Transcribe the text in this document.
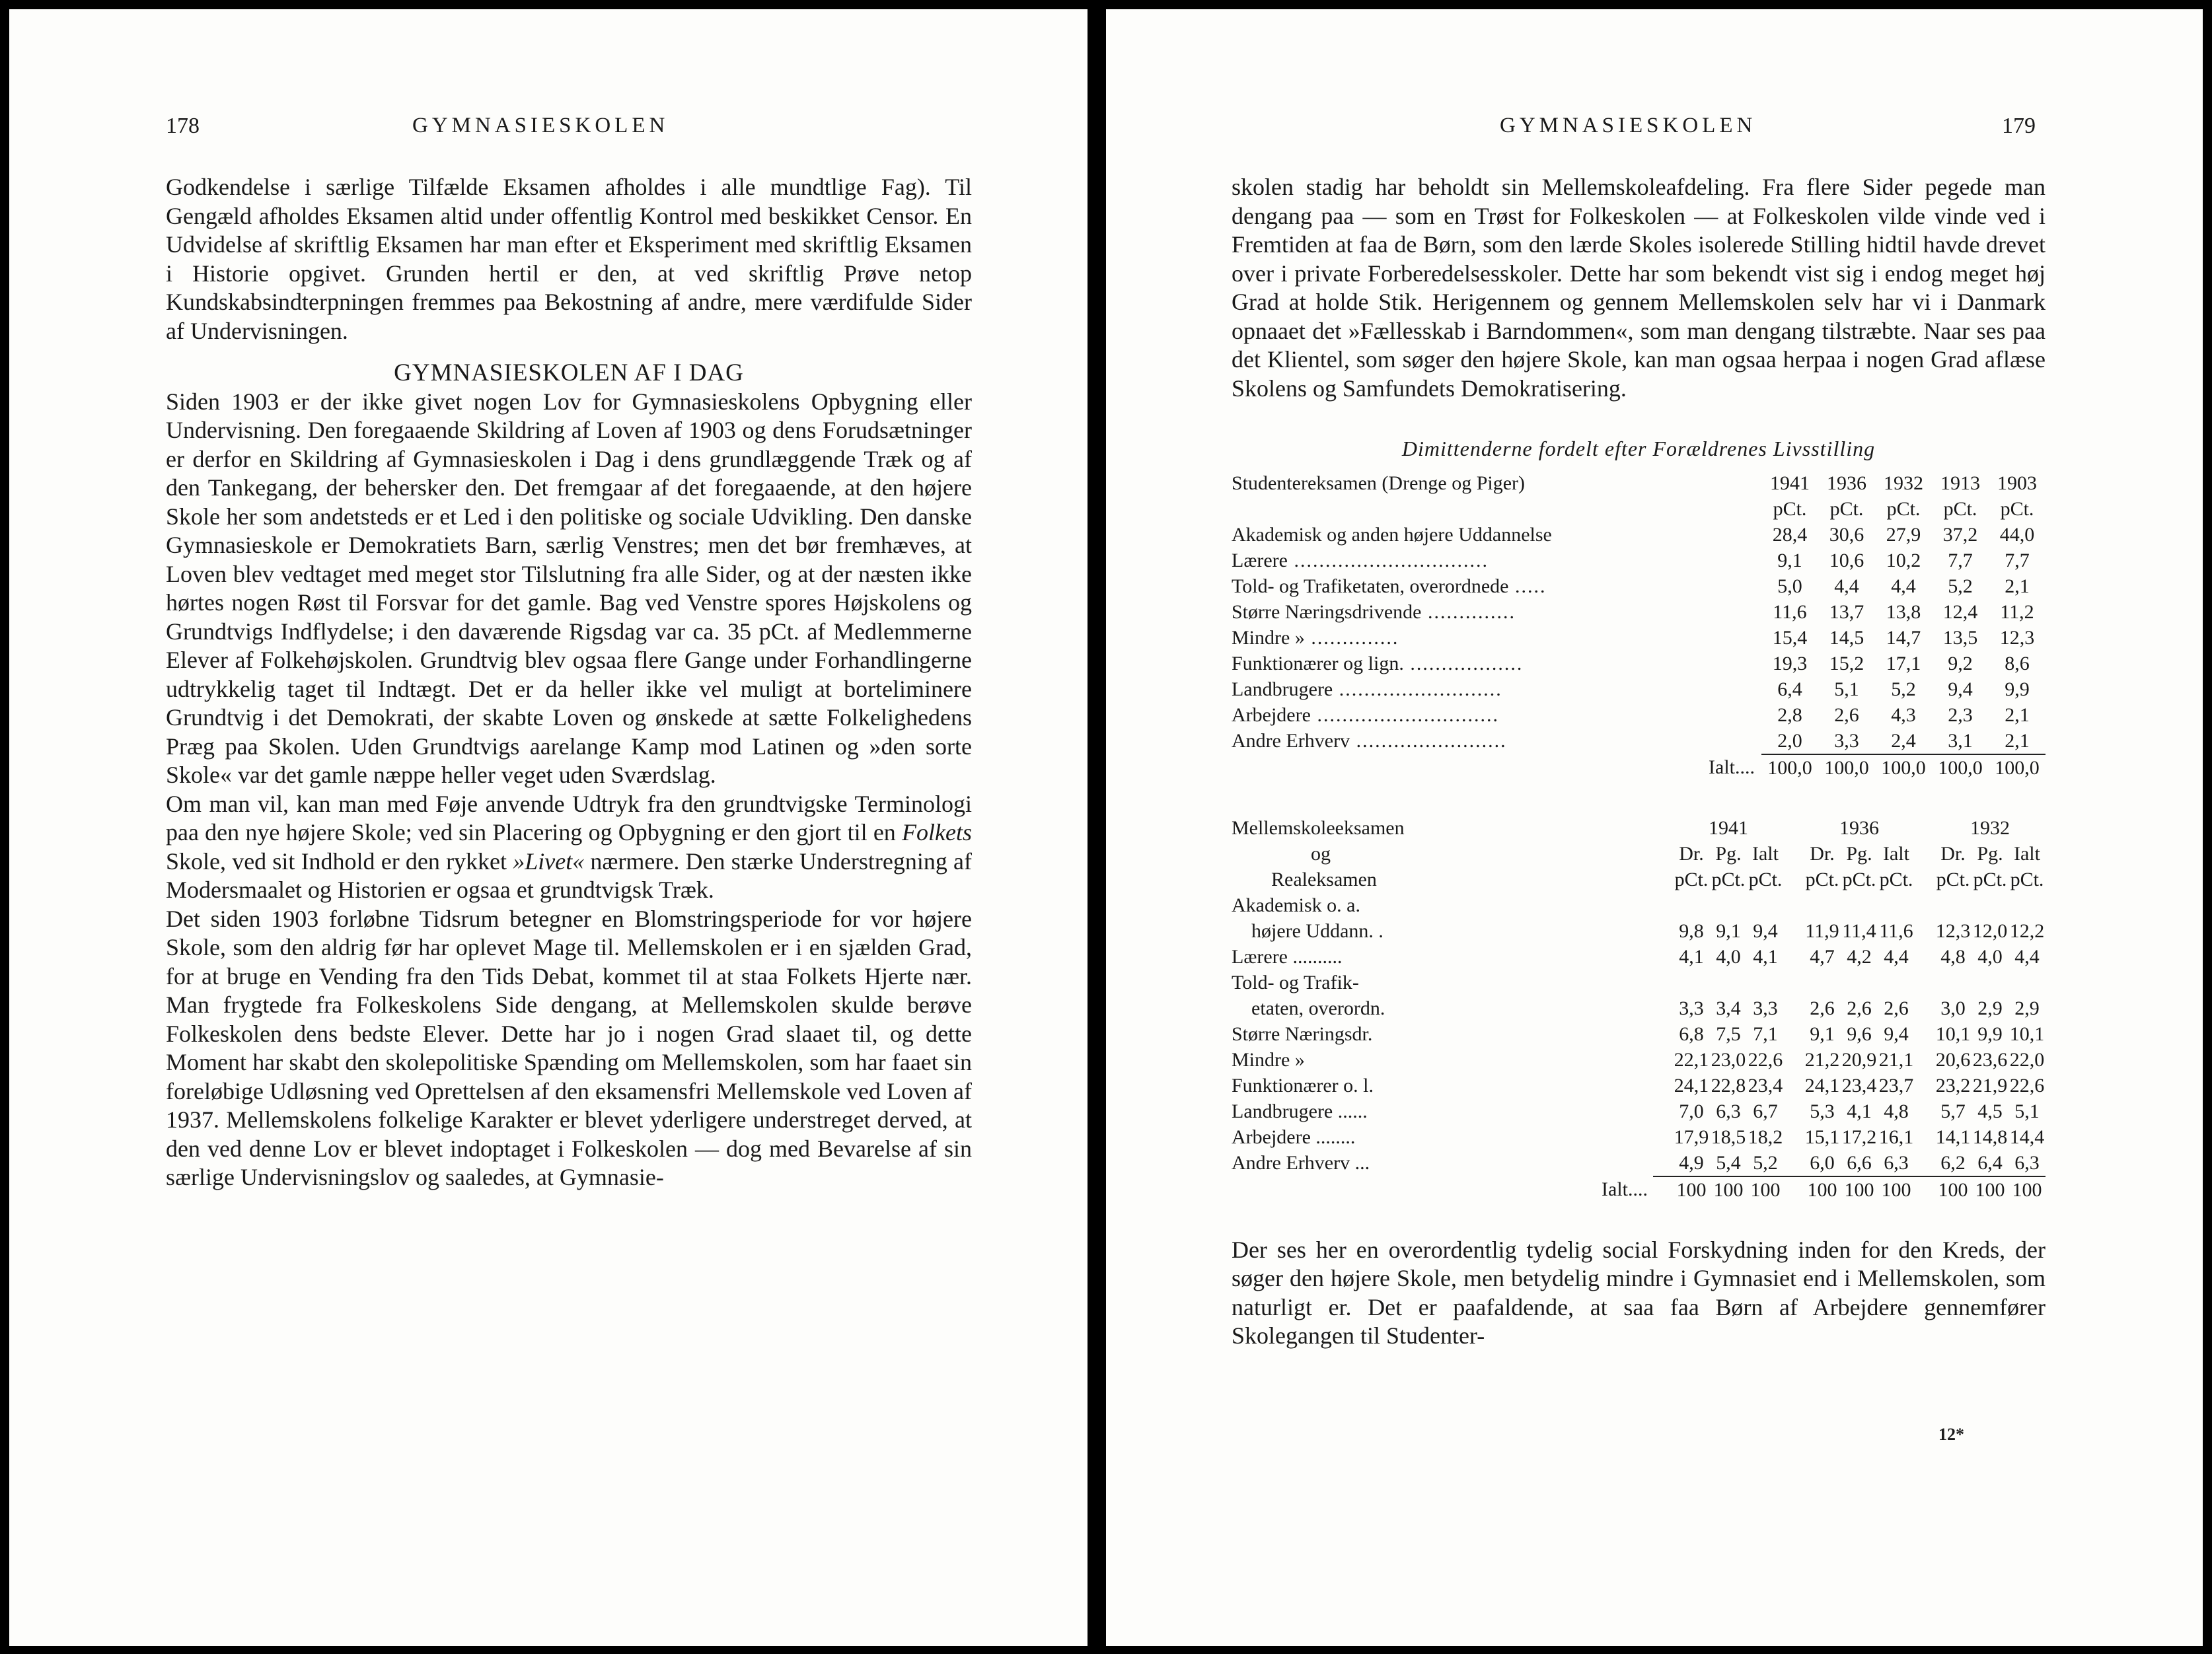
178	GYMNASIESKOLEN

Godkendelse i særlige Tilfælde Eksamen afholdes i alle mundtlige Fag). Til Gengæld afholdes Eksamen altid under offentlig Kontrol med beskikket Censor. En Udvidelse af skriftlig Eksamen har man efter et Eksperiment med skriftlig Eksamen i Historie opgivet. Grunden hertil er den, at ved skriftlig Prøve netop Kundskabsindterpningen fremmes paa Bekostning af andre, mere værdifulde Sider af Undervisningen.

GYMNASIESKOLEN AF I DAG

Siden 1903 er der ikke givet nogen Lov for Gymnasieskolens Opbygning eller Undervisning. Den foregaaende Skildring af Loven af 1903 og dens Forudsætninger er derfor en Skildring af Gymnasieskolen i Dag i dens grundlæggende Træk og af den Tankegang, der behersker den. Det fremgaar af det foregaaende, at den højere Skole her som andetsteds er et Led i den politiske og sociale Udvikling. Den danske Gymnasieskole er Demokratiets Barn, særlig Venstres; men det bør fremhæves, at Loven blev vedtaget med meget stor Tilslutning fra alle Sider, og at der næsten ikke hørtes nogen Røst til Forsvar for det gamle. Bag ved Venstre spores Højskolens og Grundtvigs Indflydelse; i den daværende Rigsdag var ca. 35 pCt. af Medlemmerne Elever af Folkehøjskolen. Grundtvig blev ogsaa flere Gange under Forhandlingerne udtrykkelig taget til Indtægt. Det er da heller ikke vel muligt at borteliminere Grundtvig i det Demokrati, der skabte Loven og ønskede at sætte Folkelighedens Præg paa Skolen. Uden Grundtvigs aarelange Kamp mod Latinen og »den sorte Skole« var det gamle næppe heller veget uden Sværdslag.

Om man vil, kan man med Føje anvende Udtryk fra den grundtvigske Terminologi paa den nye højere Skole; ved sin Placering og Opbygning er den gjort til en Folkets Skole, ved sit Indhold er den rykket »Livet« nærmere. Den stærke Understregning af Modersmaalet og Historien er ogsaa et grundtvigsk Træk.

Det siden 1903 forløbne Tidsrum betegner en Blomstringsperiode for vor højere Skole, som den aldrig før har oplevet Mage til. Mellemskolen er i en sjælden Grad, for at bruge en Vending fra den Tids Debat, kommet til at staa Folkets Hjerte nær. Man frygtede fra Folkeskolens Side dengang, at Mellemskolen skulde berøve Folkeskolen dens bedste Elever. Dette har jo i nogen Grad slaaet til, og dette Moment har skabt den skolepolitiske Spænding om Mellemskolen, som har faaet sin foreløbige Udløsning ved Oprettelsen af den eksamensfri Mellemskole ved Loven af 1937. Mellemskolens folkelige Karakter er blevet yderligere understreget derved, at den ved denne Lov er blevet indoptaget i Folkeskolen — dog med Bevarelse af sin særlige Undervisningslov og saaledes, at Gymnasie-

GYMNASIESKOLEN	179

skolen stadig har beholdt sin Mellemskoleafdeling. Fra flere Sider pegede man dengang paa — som en Trøst for Folkeskolen — at Folkeskolen vilde vinde ved i Fremtiden at faa de Børn, som den lærde Skoles isolerede Stilling hidtil havde drevet over i private Forberedelsesskoler. Dette har som bekendt vist sig i endog meget høj Grad at holde Stik. Herigennem og gennem Mellemskolen selv har vi i Danmark opnaaet det »Fællesskab i Barndommen«, som man dengang tilstræbte. Naar ses paa det Klientel, som søger den højere Skole, kan man ogsaa herpaa i nogen Grad aflæse Skolens og Samfundets Demokratisering.

Dimittenderne fordelt efter Forældrenes Livsstilling
Studentereksamen (Drenge og Piger)	1941	1936	1932	1913	1903
	pCt.	pCt.	pCt.	pCt.	pCt.
Akademisk og anden højere Uddannelse	28,4	30,6	27,9	37,2	44,0
Lærere ...............................	9,1	10,6	10,2	7,7	7,7
Told- og Trafiketaten, overordnede .....	5,0	4,4	4,4	5,2	2,1
Større Næringsdrivende ..............	11,6	13,7	13,8	12,4	11,2
Mindre » ..............	15,4	14,5	14,7	13,5	12,3
Funktionærer og lign. ..................	19,3	15,2	17,1	9,2	8,6
Landbrugere ..........................	6,4	5,1	5,2	9,4	9,9
Arbejdere .............................	2,8	2,6	4,3	2,3	2,1
Andre Erhverv ........................	2,0	3,3	2,4	3,1	2,1
Ialt....	100,0	100,0	100,0	100,0	100,0
Mellemskoleeksamen		1941				1936				1932		
og		Dr.	Pg.	Ialt		Dr.	Pg.	Ialt		Dr.	Pg.	Ialt
Realeksamen		pCt.	pCt.	pCt.		pCt.	pCt.	pCt.		pCt.	pCt.	pCt.
Akademisk o. a.												
højere Uddann. .		9,8	9,1	9,4		11,9	11,4	11,6		12,3	12,0	12,2
Lærere ..........		4,1	4,0	4,1		4,7	4,2	4,4		4,8	4,0	4,4
Told- og Trafik-												
etaten, overordn.		3,3	3,4	3,3		2,6	2,6	2,6		3,0	2,9	2,9
Større Næringsdr.		6,8	7,5	7,1		9,1	9,6	9,4		10,1	9,9	10,1
Mindre »		22,1	23,0	22,6		21,2	20,9	21,1		20,6	23,6	22,0
Funktionærer o. l.		24,1	22,8	23,4		24,1	23,4	23,7		23,2	21,9	22,6
Landbrugere ......		7,0	6,3	6,7		5,3	4,1	4,8		5,7	4,5	5,1
Arbejdere ........		17,9	18,5	18,2		15,1	17,2	16,1		14,1	14,8	14,4
Andre Erhverv ...		4,9	5,4	5,2		6,0	6,6	6,3		6,2	6,4	6,3
Ialt....		100	100	100		100	100	100		100	100	100

Der ses her en overordentlig tydelig social Forskydning inden for den Kreds, der søger den højere Skole, men betydelig mindre i Gymnasiet end i Mellemskolen, som naturligt er. Det er paafaldende, at saa faa Børn af Arbejdere gennemfører Skolegangen til Studenter-

12*
